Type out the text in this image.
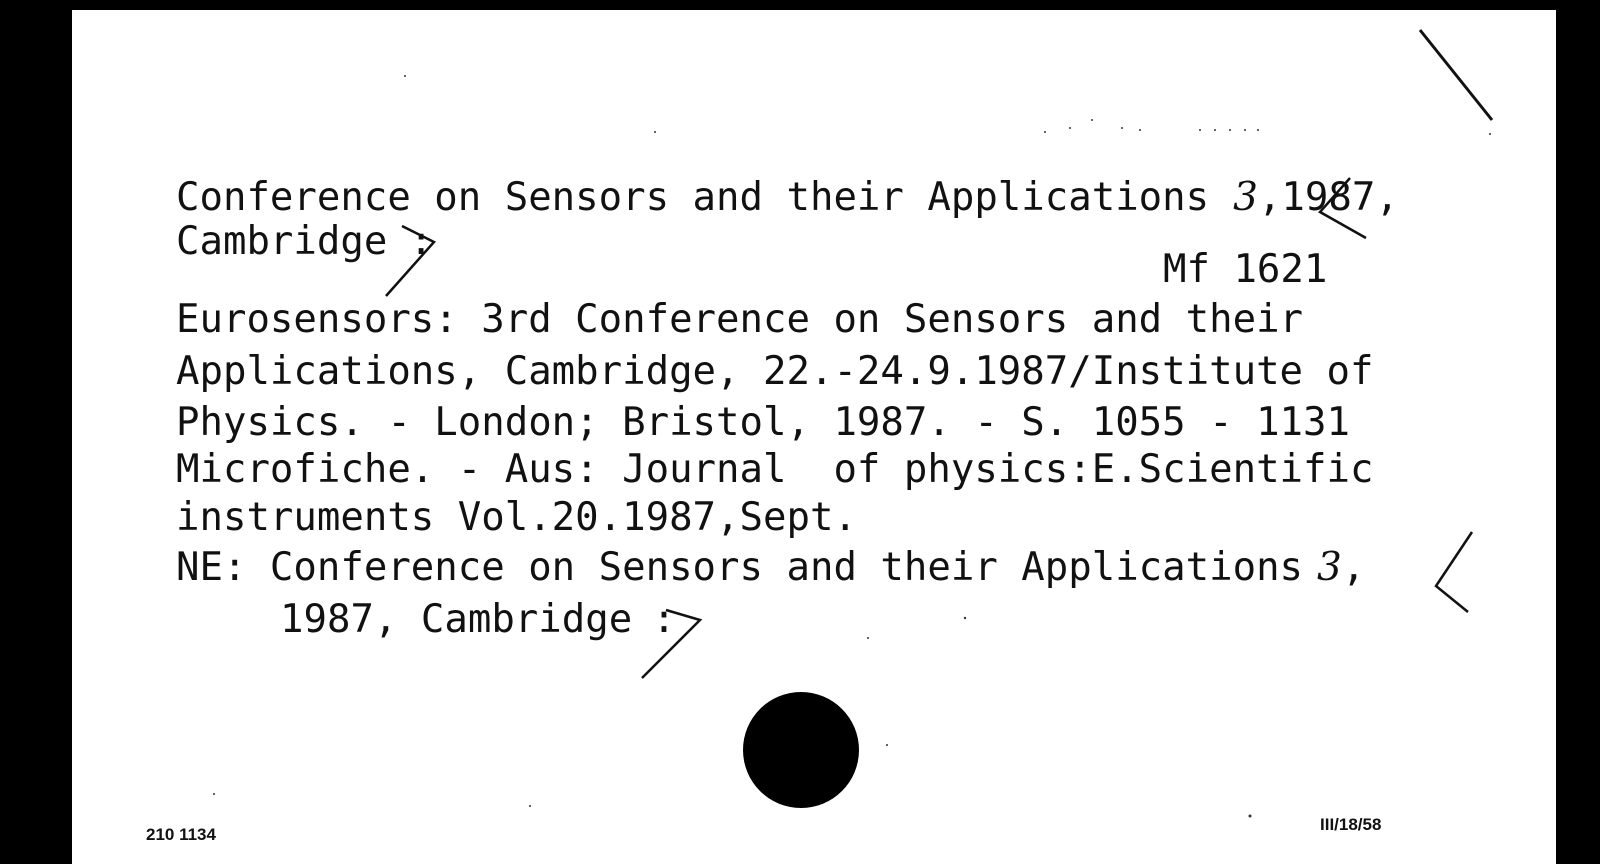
Conference on Sensors and their Applications 3,1987,
Cambridge :
Mf 1621
Eurosensors: 3rd Conference on Sensors and their
Applications, Cambridge, 22.-24.9.1987/Institute of
Physics. - London; Bristol, 1987. - S. 1055 - 1131
Microfiche. - Aus: Journal  of physics:E.Scientific
instruments Vol.20.1987,Sept.
NE: Conference on Sensors and their Applications 3,
1987, Cambridge :
210 1134
III/18/58
